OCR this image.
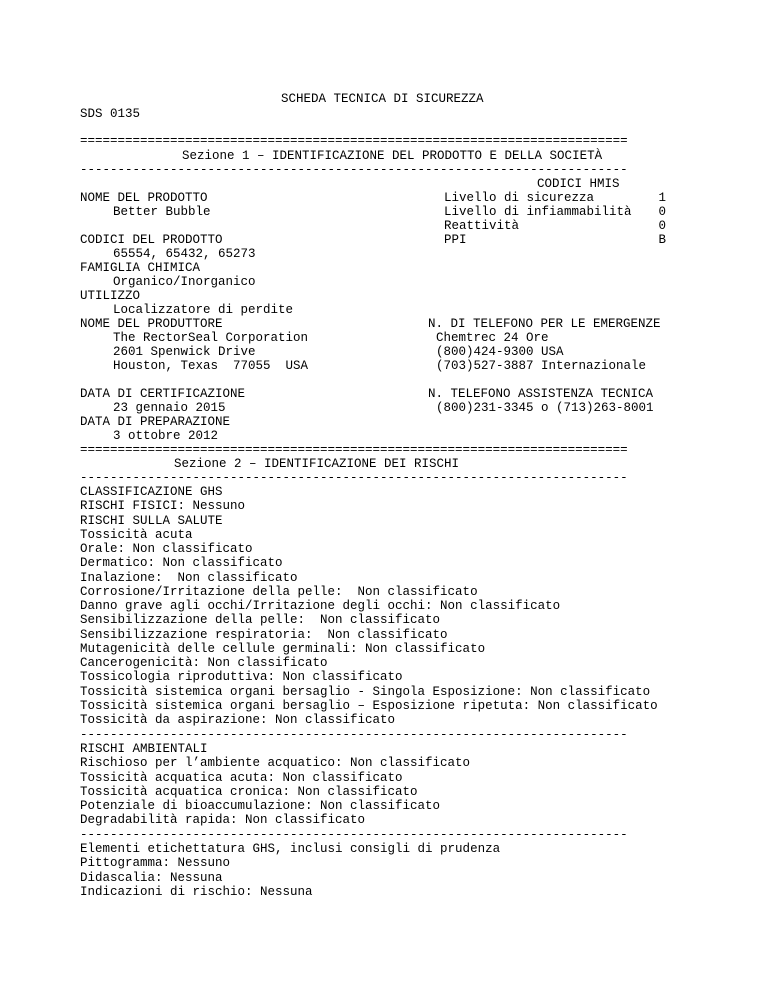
SCHEDA TECNICA DI SICUREZZA
SDS 0135
=========================================================================
Sezione 1 – IDENTIFICAZIONE DEL PRODOTTO E DELLA SOCIETÀ
-------------------------------------------------------------------------
CODICI HMIS
Livello di sicurezza	1
Livello di infiammabilità 0
Reattività	0
PPI	B
NOME DEL PRODOTTO
Better Bubble
CODICI DEL PRODOTTO
65554, 65432, 65273
FAMIGLIA CHIMICA
Organico/Inorganico
UTILIZZO
Localizzatore di perdite
NOME DEL PRODUTTORE
The RectorSeal Corporation
2601 Spenwick Drive
Houston, Texas  77055  USA
N. DI TELEFONO PER LE EMERGENZE
Chemtrec 24 Ore
(800)424-9300 USA
(703)527-3887 Internazionale
DATA DI CERTIFICAZIONE
23 gennaio 2015
DATA DI PREPARAZIONE
3 ottobre 2012
N. TELEFONO ASSISTENZA TECNICA
(800)231-3345 o (713)263-8001
=========================================================================
Sezione 2 – IDENTIFICAZIONE DEI RISCHI
-------------------------------------------------------------------------
CLASSIFICAZIONE GHS
RISCHI FISICI: Nessuno
RISCHI SULLA SALUTE
Tossicità acuta
Orale: Non classificato
Dermatico: Non classificato
Inalazione:  Non classificato
Corrosione/Irritazione della pelle:  Non classificato
Danno grave agli occhi/Irritazione degli occhi: Non classificato
Sensibilizzazione della pelle:  Non classificato
Sensibilizzazione respiratoria:  Non classificato
Mutagenicità delle cellule germinali: Non classificato
Cancerogenicità: Non classificato
Tossicologia riproduttiva: Non classificato
Tossicità sistemica organi bersaglio - Singola Esposizione: Non classificato
Tossicità sistemica organi bersaglio – Esposizione ripetuta: Non classificato
Tossicità da aspirazione: Non classificato
-------------------------------------------------------------------------
RISCHI AMBIENTALI
Rischioso per l’ambiente acquatico: Non classificato
Tossicità acquatica acuta: Non classificato
Tossicità acquatica cronica: Non classificato
Potenziale di bioaccumulazione: Non classificato
Degradabilità rapida: Non classificato
-------------------------------------------------------------------------
Elementi etichettatura GHS, inclusi consigli di prudenza
Pittogramma: Nessuno
Didascalia: Nessuna
Indicazioni di rischio: Nessuna
